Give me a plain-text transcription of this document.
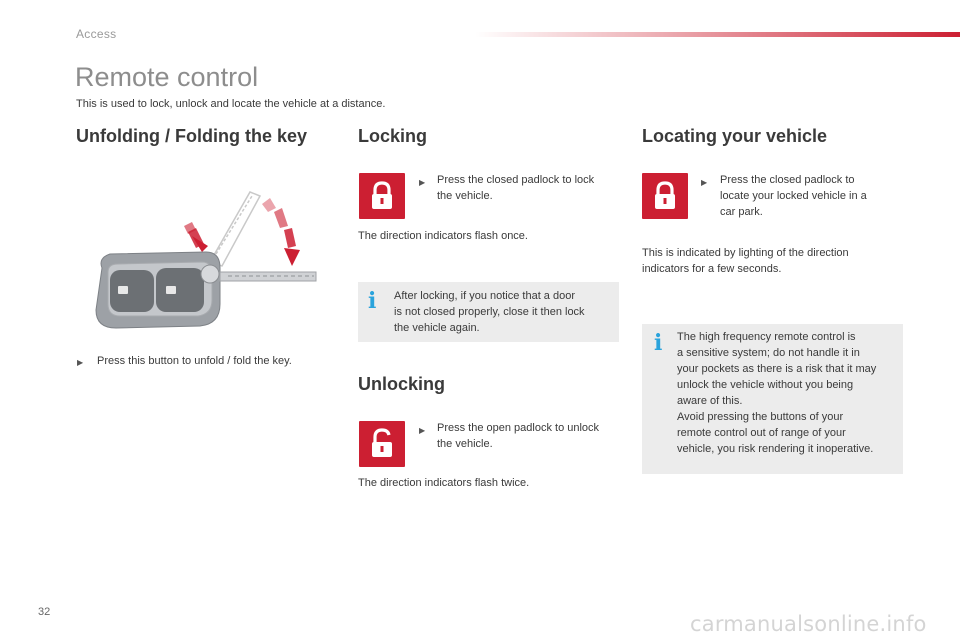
Access
Remote control
This is used to lock, unlock and locate the vehicle at a distance.
Unfolding / Folding the key
▶ Press this button to unfold / fold the key.
Locking
▶ Press the closed padlock to lock
the vehicle.
The direction indicators flash once.
i After locking, if you notice that a door
is not closed properly, close it then lock
the vehicle again.
Unlocking
▶ Press the open padlock to unlock
the vehicle.
The direction indicators flash twice.
Locating your vehicle
▶ Press the closed padlock to
locate your locked vehicle in a
car park.
This is indicated by lighting of the direction
indicators for a few seconds.
i The high frequency remote control is
a sensitive system; do not handle it in
your pockets as there is a risk that it may
unlock the vehicle without you being
aware of this.
Avoid pressing the buttons of your
remote control out of range of your
vehicle, you risk rendering it inoperative.
32	carmanualsonline.info
